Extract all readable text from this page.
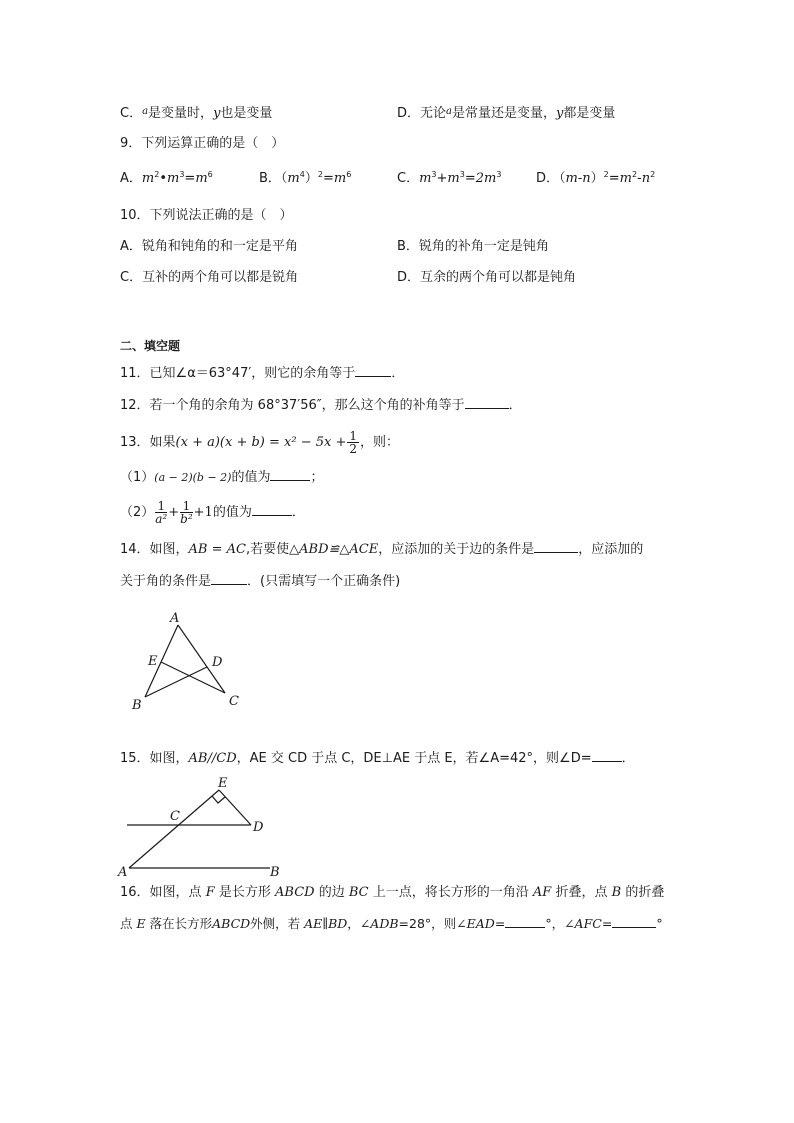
C．$^a$是变量时，y也是变量	D．无论$^a$是常量还是变量，y都是变量
9．下列运算正确的是（　）
A．$m^2•m^3=m^6$	B．$(m^4)^2=m^6$	C．$m^3+m^3=2m^3$	D．$(m-n)^2=m^2-n^2$
10．下列说法正确的是（　）
A．锐角和钝角的和一定是平角	B．锐角的补角一定是钝角
C．互补的两个角可以都是锐角	D．互余的两个角可以都是钝角
二、填空题
11．已知∠α＝63°47′，则它的余角等于	．
12．若一个角的余角为 68°37′56″，那么这个角的补角等于	．
13．如果$(x + a)(x + b) = x^2 - 5x + \frac{1}{2}$ ，则：
（1）(a − 2)(b − 2)的值为	；
$(2) \frac{1}{\text{a²}} + \frac{1}{\text{b²}} +1$的值为	．
14．如图，AB = AC,若要使△ABD≌△ACE，应添加的关于边的条件是	，应添加的
关于角的条件是	．(只需填写一个正确条件)
A
E	D
B	C
15．如图，AB//CD，AE 交 CD 于点 C，DE⊥AE 于点 E，若∠A=42°，则∠D= ．
E
C
D
A	B
16．如图，点 F 是长方形 ABCD 的边 BC 上一点，将长方形的一角沿 AF 折叠，点 B 的折叠
点 E 落在长方形ABCD外侧，若 AE∥BD，∠ADB=28°，则∠EAD=	°，∠AFC=	°
